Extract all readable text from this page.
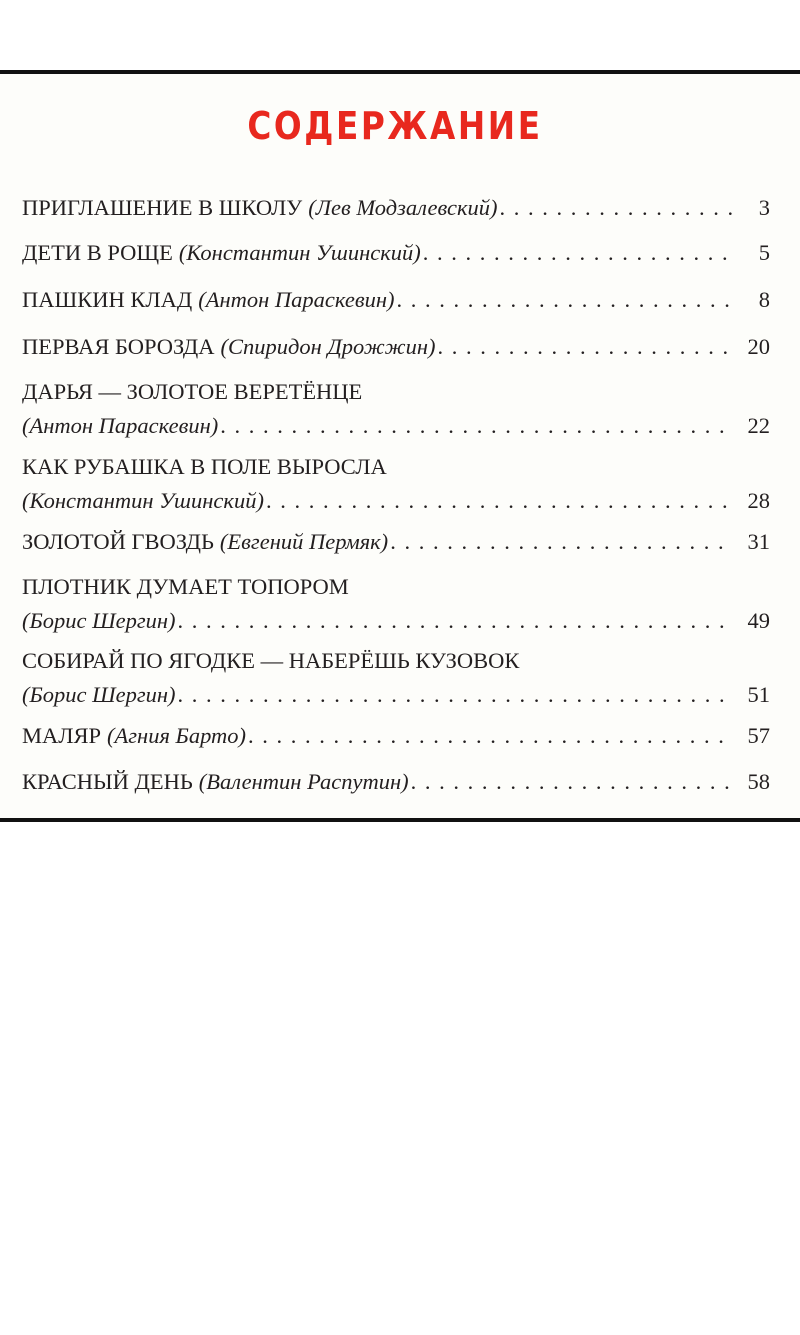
СОДЕРЖАНИЕ
ПРИГЛАШЕНИЕ В ШКОЛУ (Лев Модзалевский) . . .	3
ДЕТИ В РОЩЕ (Константин Ушинский) . . .	5
ПАШКИН КЛАД (Антон Параскевин) . . .	8
ПЕРВАЯ БОРОЗДА (Спиридон Дрожжин) . . .	20
ДАРЬЯ — ЗОЛОТОЕ ВЕРЕТЁНЦЕ
(Антон Параскевин) . . .	22
КАК РУБАШКА В ПОЛЕ ВЫРОСЛА
(Константин Ушинский) . . .	28
ЗОЛОТОЙ ГВОЗДЬ (Евгений Пермяк) . . .	31
ПЛОТНИК ДУМАЕТ ТОПОРОМ
(Борис Шергин) . . .	49
СОБИРАЙ ПО ЯГОДКЕ — НАБЕРЁШЬ КУЗОВОК
(Борис Шергин) . . .	51
МАЛЯР (Агния Барто) . . .	57
КРАСНЫЙ ДЕНЬ (Валентин Распутин) . . .	58
